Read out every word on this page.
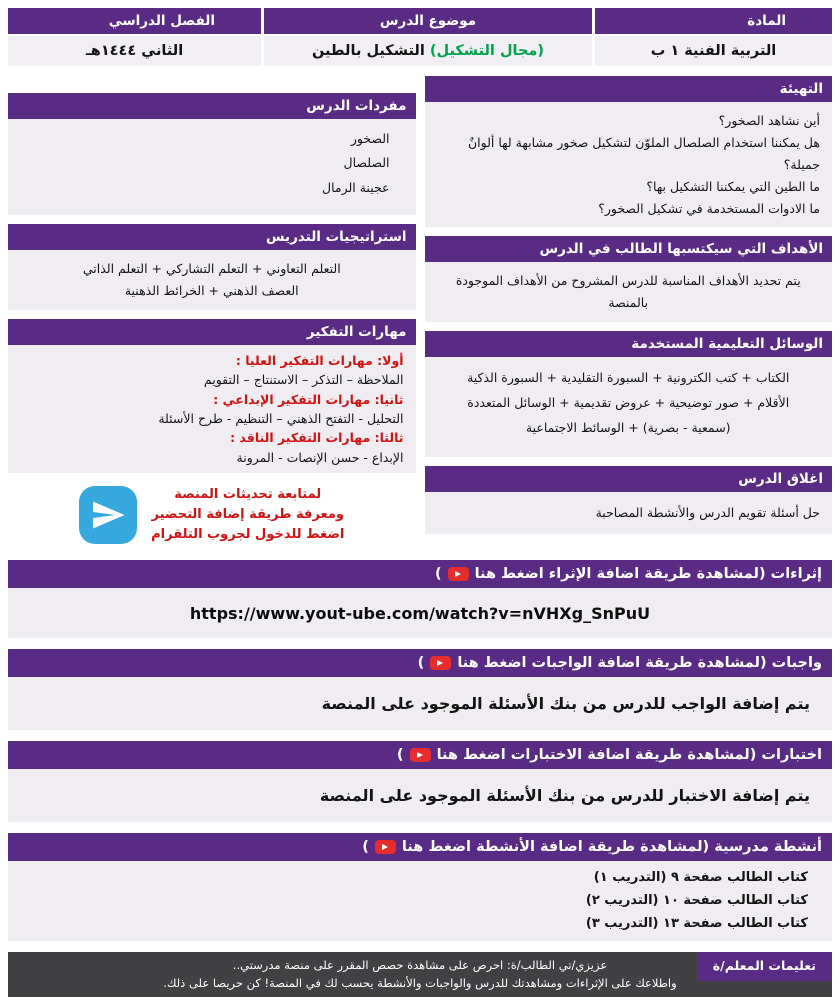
المادة
التربية الفنية ١ ب
موضوع الدرس
(مجال التشكيل) التشكيل بالطين
الفصل الدراسي
الثاني ١٤٤٤هـ
التهيئة

أين نشاهد الصخور؟

هل يمكننا استخدام الصلصال الملوّن لتشكيل صخور مشابهة لها ألوانٌ جميلة؟

ما الطين التي يمكننا التشكيل بها؟

ما الادوات المستخدمة في تشكيل الصخور؟

الأهداف التي سيكتسبها الطالب في الدرس

يتم تحديد الأهداف المناسبة للدرس المشروح من الأهداف الموجودة بالمنصة

الوسائل التعليمية المستخدمة

الكتاب + كتب الكترونية + السبورة التقليدية + السبورة الذكية

الأقلام + صور توضيحية + عروض تقديمية + الوسائل المتعددة

(سمعية - بصرية) + الوسائط الاجتماعية

اغلاق الدرس

حل أسئلة تقويم الدرس والأنشطة المصاحبة

مفردات الدرس

الصخور

الصلصال

عجينة الرمال

استراتيجيات التدريس

التعلم التعاوني + التعلم التشاركي + التعلم الذاتي

العصف الذهني + الخرائط الذهنية

مهارات التفكير

أولا: مهارات التفكير العليا :

الملاحظة – التذكر – الاستنتاج – التقويم

ثانيا: مهارات التفكير الإبداعي :

التحليل - التفتح الذهني – التنظيم - طرح الأسئلة

ثالثا: مهارات التفكير الناقد :

الإبداع - حسن الإنصات - المرونة

لمتابعة تحديثات المنصة

ومعرفة طريقة إضافة التحضير

اضغط للدخول لجروب التلقرام

إثراءات (لمشاهدة طريقة اضافة الإثراء اضغط هنا
)
https://www.yout-ube.com/watch?v=nVHXg_SnPuU
واجبات (لمشاهدة طريقة اضافة الواجبات اضغط هنا
)

يتم إضافة الواجب للدرس من بنك الأسئلة الموجود على المنصة

اختبارات (لمشاهدة طريقة اضافة الاختبارات اضغط هنا
)

يتم إضافة الاختبار للدرس من بنك الأسئلة الموجود على المنصة

أنشطة مدرسية (لمشاهدة طريقة اضافة الأنشطة اضغط هنا
)

كتاب الطالب صفحة ٩ (التدريب ١)

كتاب الطالب صفحة ١٠ (التدريب ٢)

كتاب الطالب صفحة ١٣ (التدريب ٣)

تعليمات المعلم/ة

عزيزي/تي الطالب/ة: احرص على مشاهدة حصص المقرر على منصة مدرستي..

واطلاعك على الإثراءات ومشاهدتك للدرس والواجبات والأنشطة يحسب لك في المنصة! كن حريصا على ذلك.
